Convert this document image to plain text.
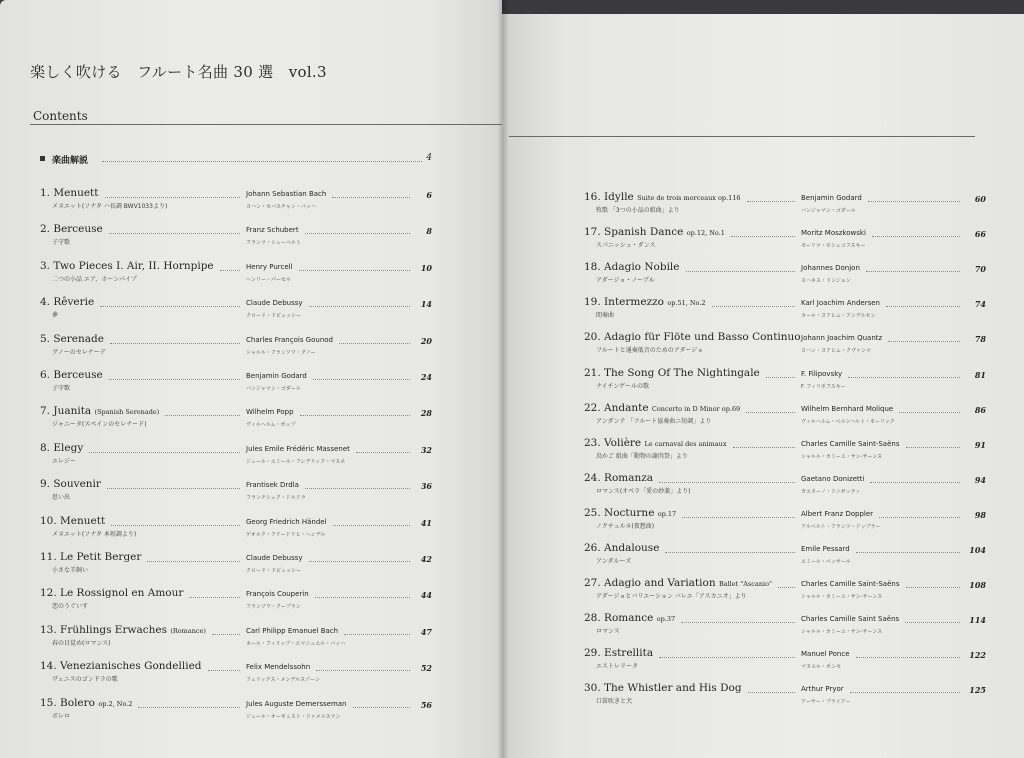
楽しく吹ける　フルート名曲 30 選　vol.3
Contents
楽曲解説	4
1. Menuett
メヌエット(ソナタ ハ長調 BWV1033より)
Johann Sebastian Bach
ヨハン・セバスチャン・バッハ
6
2. Berceuse
子守歌
Franz Schubert
フランツ・シューベルト
8
3. Two Pieces I. Air, II. Hornpipe
二つの小品 エア、ホーンパイプ
Henry Purcell
ヘンリー・パーセル
10
4. Rêverie
夢
Claude Debussy
クロード・ドビュッシー
14
5. Serenade
グノーのセレナーデ
Charles François Gounod
シャルル・フランソワ・グノー
20
6. Berceuse
子守歌
Benjamin Godard
バンジャマン・ゴダール
24
7. Juanita (Spanish Serenade)
ジャニータ(スペインのセレナード)
Wilhelm Popp
ヴィルヘルム・ポップ
28
8. Elegy
エレジー
Jules Emile Frédéric Massenet
ジュール・エミール・フレデリック・マスネ
32
9. Souvenir
思い出
Frantisek Drdla
フランチシェク・ドルドラ
36
10. Menuett
メヌエット(ソナタ 本短調より)
Georg Friedrich Händel
ゲオルク・フリードリヒ・ヘンデル
41
11. Le Petit Berger
小さな羊飼い
Claude Debussy
クロード・ドビュッシー
42
12. Le Rossignol en Amour
恋のうぐいす
François Couperin
フランソワ・クープラン
44
13. Frühlings Erwaches (Romance)
春の目覚め(ロマンス)
Carl Philipp Emanuel Bach
カール・フィリップ・エマニュエル・バッハ
47
14. Venezianisches Gondellied
ヴェニスのゴンドラの歌
Felix Mendelssohn
フェリックス・メンデルスゾーン
52
15. Bolero op.2, No.2
ボレロ
Jules Auguste Demersseman
ジュール・オーギュスト・ドゥメルスマン
56
16. Idylle Suite de trois morceaux op.116
牧歌 「3つの小品の組曲」より
Benjamin Godard
バンジャマン・ゴダール
60
17. Spanish Dance op.12, No.1
スパニッシュ・ダンス
Moritz Moszkowski
モーリツ・モシュコフスキー
66
18. Adagio Nobile
アダージョ・ノーブル
Johannes Donjon
ヨハネス・ドンジョン
70
19. Intermezzo op.51, No.2
間奏曲
Karl Joachim Andersen
カール・ヨアヒム・アンデルセン
74
20. Adagio für Flöte und Basso Continuo
フルートと通奏低音のためのアダージョ
Johann Joachim Quantz
ヨハン・ヨアヒム・クヴァンツ
78
21. The Song Of The Nightingale
ナイチンゲールの歌
F. Filipovsky
F. フィリポフスキー
81
22. Andante Concerto in D Minor op.69
アンダンテ 「フルート協奏曲ニ短調」より
Wilhelm Bernhard Molique
ヴィルヘルム・ベルンハルト・モーリック
86
23. Volière Le carnaval des animaux
鳥かご 組曲「動物の謝肉祭」より
Charles Camille Saint-Saëns
シャルル・カミーユ・サン-サーンス
91
24. Romanza
ロマンス(オペラ「愛の妙薬」より)
Gaetano Donizetti
ガエターノ・ドニゼッティ
94
25. Nocturne op.17
ノクチュルヌ(夜想曲)
Albert Franz Doppler
アルベルト・フランツ・ドップラー
98
26. Andalouse
アンダルーズ
Emile Pessard
エミール・ペッサール
104
27. Adagio and Variation Ballet "Ascanio"
アダージョとバリエーション バレエ「アスカニオ」より
Charles Camille Saint-Saëns
シャルル・カミーユ・サン-サーンス
108
28. Romance op.37
ロマンス
Charles Camille Saint Saëns
シャルル・カミーユ・サン-サーンス
114
29. Estrellita
エストレリータ
Manuel Ponce
マヌエル・ポンセ
122
30. The Whistler and His Dog
口笛吹きと犬
Arthur Pryor
アーサー・プライアー
125
